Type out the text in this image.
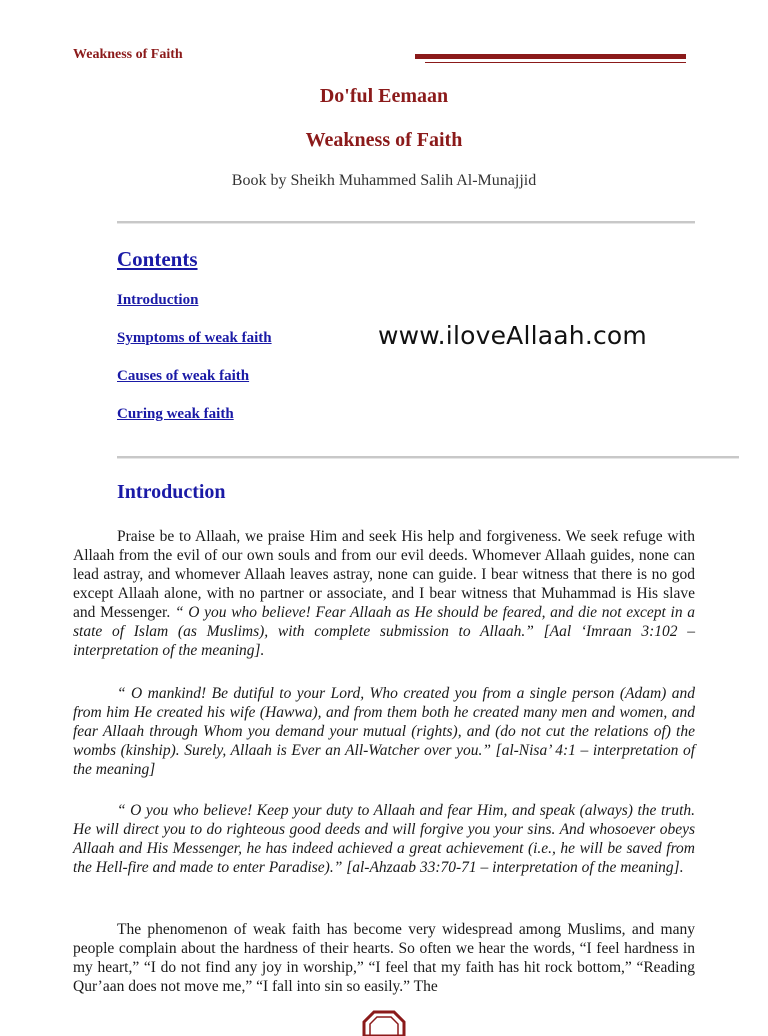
Weakness of Faith
Do'ful Eemaan
Weakness of Faith
Book by Sheikh Muhammed Salih Al-Munajjid
Contents
Introduction
Symptoms of weak faith
Causes of weak faith
Curing weak faith
www.iloveAllaah.com
Introduction

Praise be to Allaah, we praise Him and seek His help and forgiveness. We seek refuge with Allaah from the evil of our own souls and from our evil deeds. Whomever Allaah guides, none can lead astray, and whomever Allaah leaves astray, none can guide. I bear witness that there is no god except Allaah alone, with no partner or associate, and I bear witness that Muhammad is His slave and Messenger. “ O you who believe! Fear Allaah as He should be feared, and die not except in a state of Islam (as Muslims), with complete submission to Allaah.” [Aal ‘Imraan 3:102 – interpretation of the meaning].

“ O mankind! Be dutiful to your Lord, Who created you from a single person (Adam) and from him He created his wife (Hawwa), and from them both he created many men and women, and fear Allaah through Whom you demand your mutual (rights), and (do not cut the relations of) the wombs (kinship). Surely, Allaah is Ever an All-Watcher over you.” [al-Nisa’ 4:1 – interpretation of the meaning]

“ O you who believe! Keep your duty to Allaah and fear Him, and speak (always) the truth. He will direct you to do righteous good deeds and will forgive you your sins. And whosoever obeys Allaah and His Messenger, he has indeed achieved a great achievement (i.e., he will be saved from the Hell-fire and made to enter Paradise).” [al-Ahzaab 33:70-71 – interpretation of the meaning].

The phenomenon of weak faith has become very widespread among Muslims, and many people complain about the hardness of their hearts. So often we hear the words, “I feel hardness in my heart,” “I do not find any joy in worship,” “I feel that my faith has hit rock bottom,” “Reading Qur’aan does not move me,” “I fall into sin so easily.” The
